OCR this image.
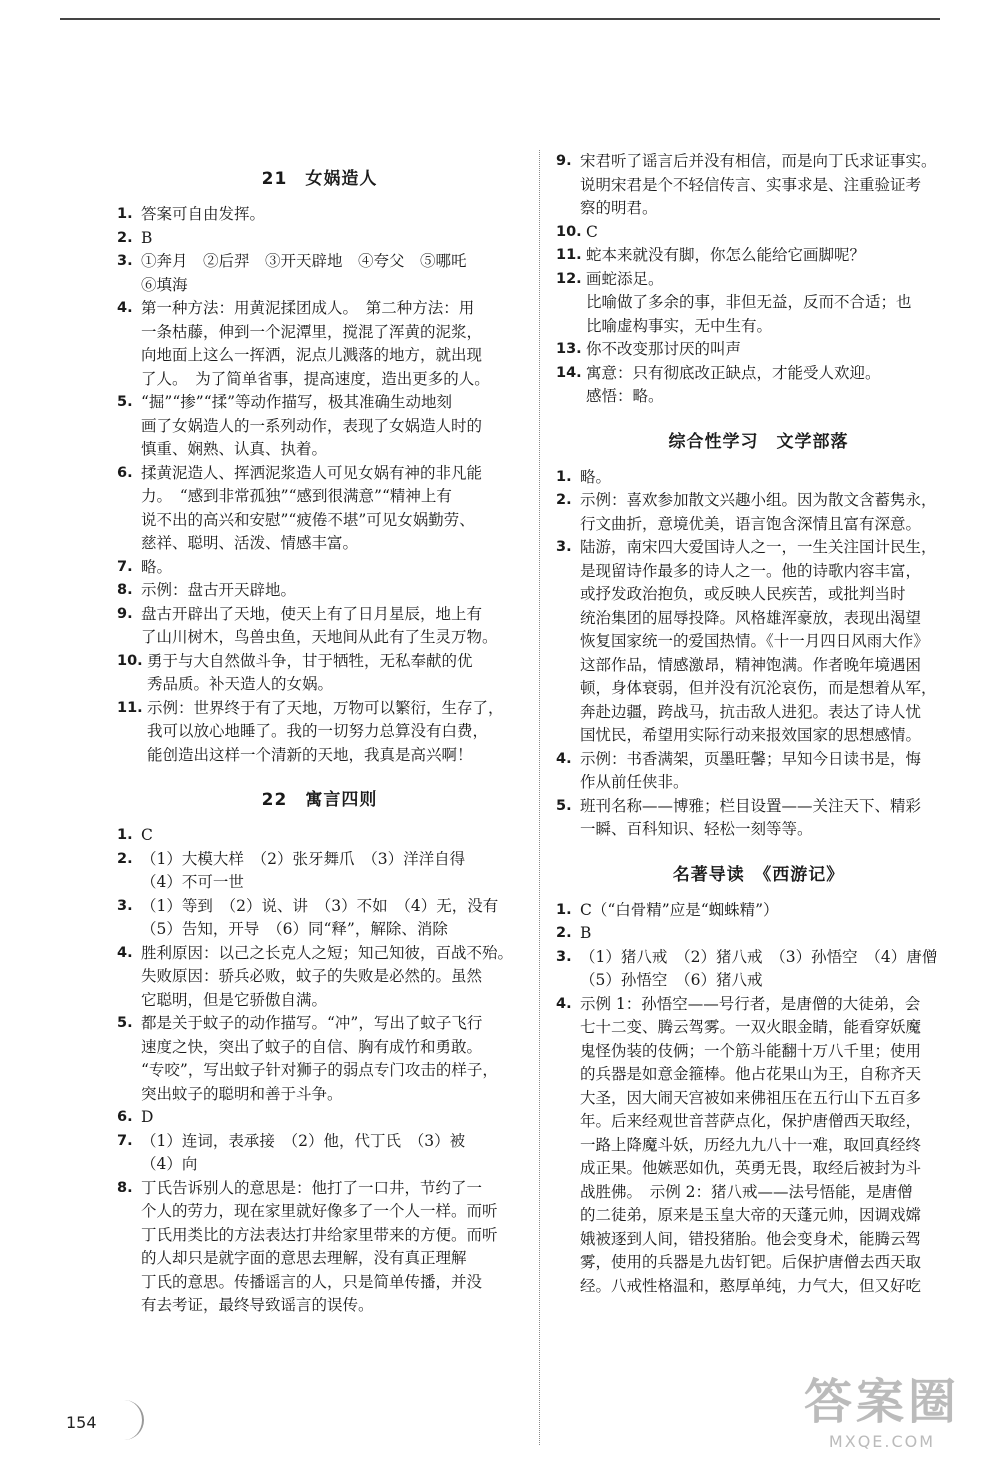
21　女娲造人
1. 答案可自由发挥。
2. B
3. ①奔月　②后羿　③开天辟地　④夸父　⑤哪吒
⑥填海
4. 第一种方法：用黄泥揉团成人。　第二种方法：用
一条枯藤，伸到一个泥潭里，搅混了浑黄的泥浆，
向地面上这么一挥洒，泥点儿溅落的地方，就出现
了人。　为了简单省事，提高速度，造出更多的人。
5. “掘”“掺”“揉”等动作描写，极其准确生动地刻
画了女娲造人的一系列动作，表现了女娲造人时的
慎重、娴熟、认真、执着。
6. 揉黄泥造人、挥洒泥浆造人可见女娲有神的非凡能
力。　“感到非常孤独”“感到很满意”“精神上有
说不出的高兴和安慰”“疲倦不堪”可见女娲勤劳、
慈祥、聪明、活泼、情感丰富。
7. 略。
8. 示例：盘古开天辟地。
9. 盘古开辟出了天地，使天上有了日月星辰，地上有
了山川树木，鸟兽虫鱼，天地间从此有了生灵万物。
10. 勇于与大自然做斗争，甘于牺牲，无私奉献的优
秀品质。补天造人的女娲。
11. 示例：世界终于有了天地，万物可以繁衍，生存了，
我可以放心地睡了。我的一切努力总算没有白费，
能创造出这样一个清新的天地，我真是高兴啊！
22　寓言四则
1. C
2. （1）大模大样　（2）张牙舞爪　（3）洋洋自得
（4）不可一世
3. （1）等到　（2）说、讲　（3）不如　（4）无，没有
（5）告知，开导　（6）同“释”，解除、消除
4. 胜利原因：以己之长克人之短；知己知彼，百战不殆。
失败原因：骄兵必败，蚊子的失败是必然的。虽然
它聪明，但是它骄傲自满。
5. 都是关于蚊子的动作描写。“冲”，写出了蚊子飞行
速度之快，突出了蚊子的自信、胸有成竹和勇敢。
“专咬”，写出蚊子针对狮子的弱点专门攻击的样子，
突出蚊子的聪明和善于斗争。
6. D
7. （1）连词，表承接　（2）他，代丁氏　（3）被
（4）向
8. 丁氏告诉别人的意思是：他打了一口井，节约了一
个人的劳力，现在家里就好像多了一个人一样。而听
丁氏用类比的方法表达打井给家里带来的方便。而听
的人却只是就字面的意思去理解，没有真正理解
丁氏的意思。传播谣言的人，只是简单传播，并没
有去考证，最终导致谣言的误传。
9. 宋君听了谣言后并没有相信，而是向丁氏求证事实。
说明宋君是个不轻信传言、实事求是、注重验证考
察的明君。
10. C
11. 蛇本来就没有脚，你怎么能给它画脚呢？
12. 画蛇添足。
比喻做了多余的事，非但无益，反而不合适；也
比喻虚构事实，无中生有。
13. 你不改变那讨厌的叫声
14. 寓意：只有彻底改正缺点，才能受人欢迎。
感悟：略。
综合性学习　文学部落
1. 略。
2. 示例：喜欢参加散文兴趣小组。因为散文含蓄隽永，
行文曲折，意境优美，语言饱含深情且富有深意。
3. 陆游，南宋四大爱国诗人之一，一生关注国计民生，
是现留诗作最多的诗人之一。他的诗歌内容丰富，
或抒发政治抱负，或反映人民疾苦，或批判当时
统治集团的屈辱投降。风格雄浑豪放，表现出渴望
恢复国家统一的爱国热情。《十一月四日风雨大作》
这部作品，情感激昂，精神饱满。作者晚年境遇困
顿，身体衰弱，但并没有沉沦哀伤，而是想着从军，
奔赴边疆，跨战马，抗击敌人进犯。表达了诗人忧
国忧民，希望用实际行动来报效国家的思想感情。
4. 示例：书香满架，页墨旺馨；早知今日读书是，悔
作从前任侠非。
5. 班刊名称——博雅；栏目设置——关注天下、精彩
一瞬、百科知识、轻松一刻等等。
名著导读　《西游记》
1. C（“白骨精”应是“蜘蛛精”）
2. B
3. （1）猪八戒　（2）猪八戒　（3）孙悟空　（4）唐僧
（5）孙悟空　（6）猪八戒
4. 示例 1：孙悟空——号行者，是唐僧的大徒弟，会
七十二变、腾云驾雾。一双火眼金睛，能看穿妖魔
鬼怪伪装的伎俩；一个筋斗能翻十万八千里；使用
的兵器是如意金箍棒。他占花果山为王，自称齐天
大圣，因大闹天宫被如来佛祖压在五行山下五百多
年。后来经观世音菩萨点化，保护唐僧西天取经，
一路上降魔斗妖，历经九九八十一难，取回真经终
成正果。他嫉恶如仇，英勇无畏，取经后被封为斗
战胜佛。　示例 2：猪八戒——法号悟能，是唐僧
的二徒弟，原来是玉皇大帝的天蓬元帅，因调戏嫦
娥被逐到人间，错投猪胎。他会变身术，能腾云驾
雾，使用的兵器是九齿钉钯。后保护唐僧去西天取
经。八戒性格温和，憨厚单纯，力气大，但又好吃
154	答案圈
MXQE.COM
